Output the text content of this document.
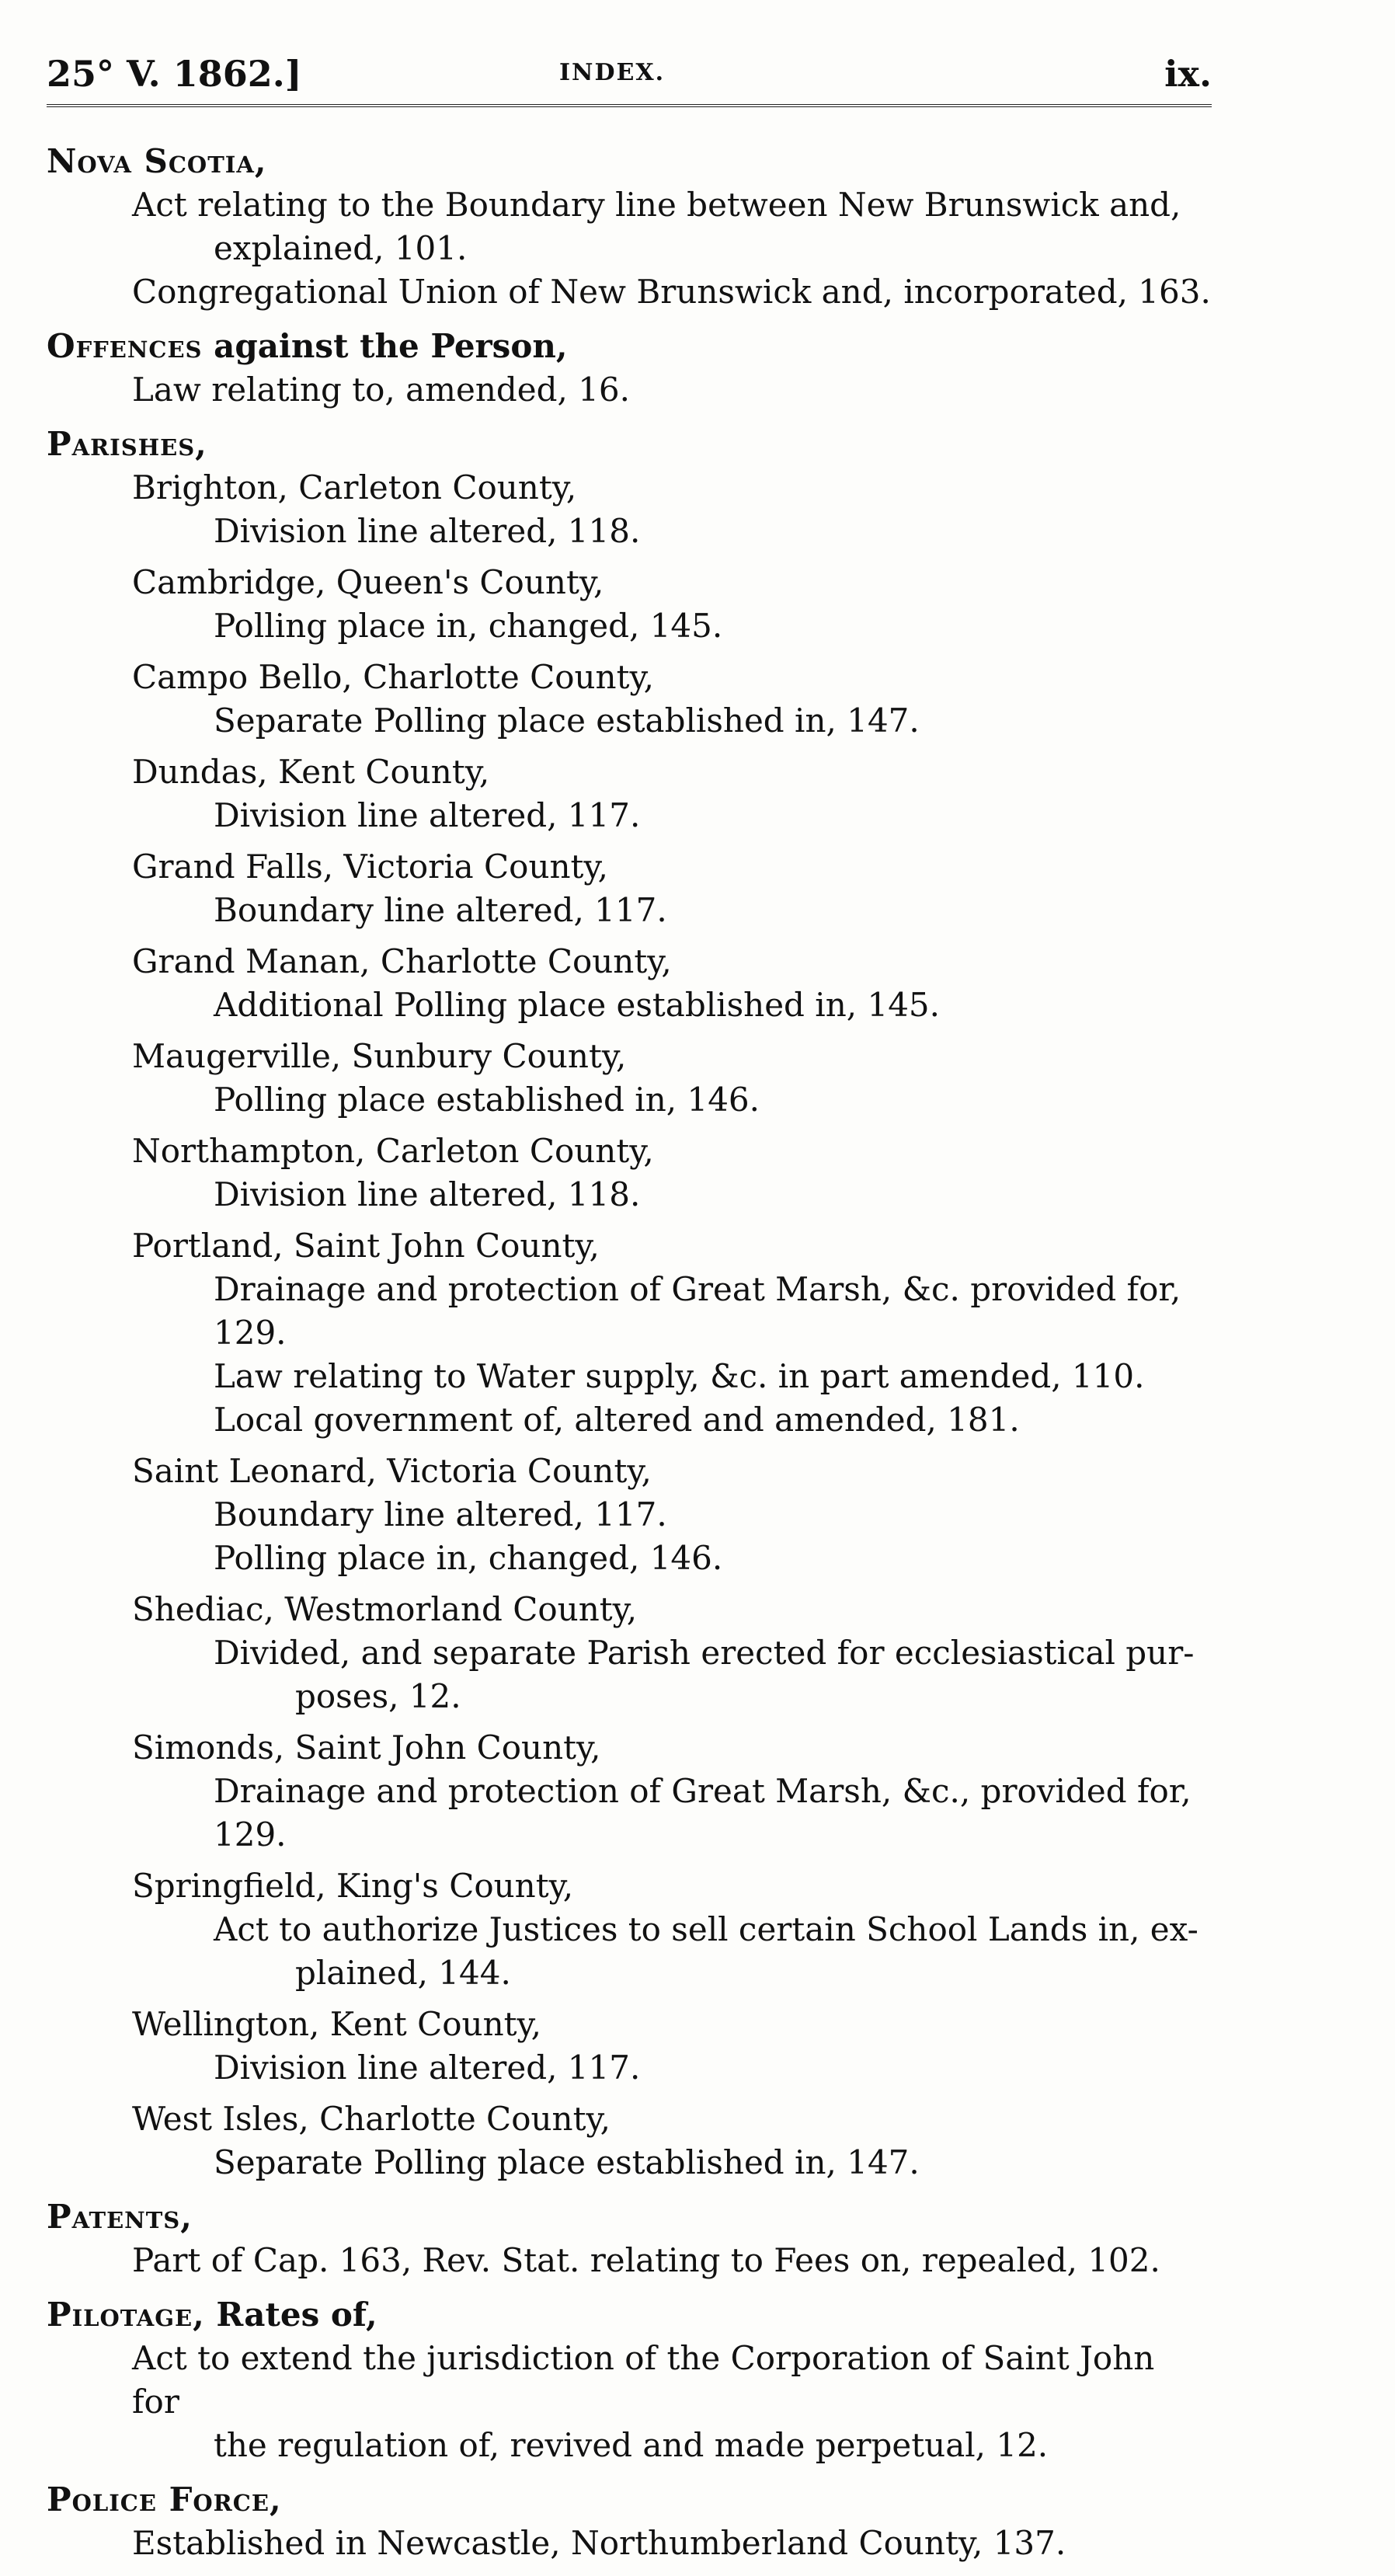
25° V. 1862.]	INDEX.	ix.
Nova Scotia,
Act relating to the Boundary line between New Brunswick and,
explained, 101.
Congregational Union of New Brunswick and, incorporated, 163.
Offences against the Person,
Law relating to, amended, 16.
Parishes,
Brighton, Carleton County,
Division line altered, 118.
Cambridge, Queen's County,
Polling place in, changed, 145.
Campo Bello, Charlotte County,
Separate Polling place established in, 147.
Dundas, Kent County,
Division line altered, 117.
Grand Falls, Victoria County,
Boundary line altered, 117.
Grand Manan, Charlotte County,
Additional Polling place established in, 145.
Maugerville, Sunbury County,
Polling place established in, 146.
Northampton, Carleton County,
Division line altered, 118.
Portland, Saint John County,
Drainage and protection of Great Marsh, &c. provided for, 129.
Law relating to Water supply, &c. in part amended, 110.
Local government of, altered and amended, 181.
Saint Leonard, Victoria County,
Boundary line altered, 117.
Polling place in, changed, 146.
Shediac, Westmorland County,
Divided, and separate Parish erected for ecclesiastical pur-
poses, 12.
Simonds, Saint John County,
Drainage and protection of Great Marsh, &c., provided for, 129.
Springfield, King's County,
Act to authorize Justices to sell certain School Lands in, ex-
plained, 144.
Wellington, Kent County,
Division line altered, 117.
West Isles, Charlotte County,
Separate Polling place established in, 147.
Patents,
Part of Cap. 163, Rev. Stat. relating to Fees on, repealed, 102.
Pilotage, Rates of,
Act to extend the jurisdiction of the Corporation of Saint John for
the regulation of, revived and made perpetual, 12.
Police Force,
Established in Newcastle, Northumberland County, 137.
